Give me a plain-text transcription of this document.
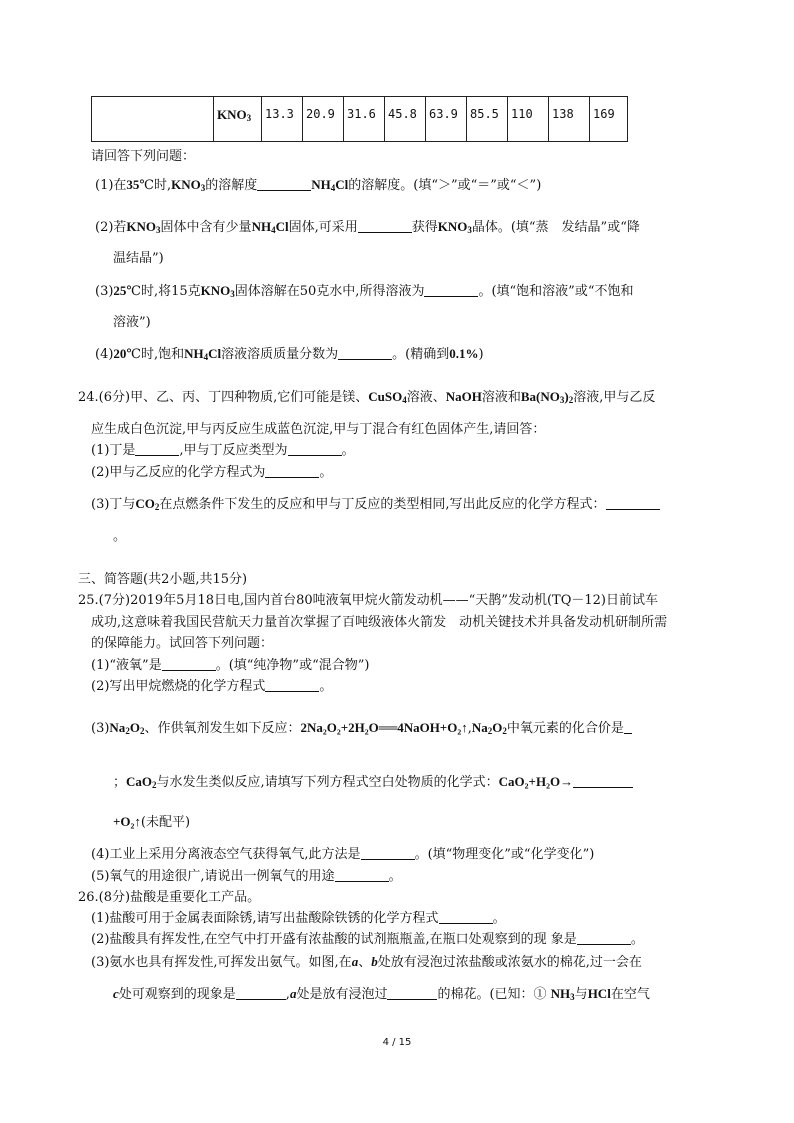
	$KNO_3$	13.3	20.9	31.6	45.8	63.9	85.5	110	138	169
请回答下列问题：
(1)在35℃时$,KNO_3$的溶解度	$NH_4Cl$的溶解度。(填“＞”或“＝”或“＜”)
(2)若$KNO_3$固体中含有少量$NH_4Cl$固体,可采用	获得$KNO_3$晶体。(填“蒸　发结晶”或“降
温结晶”)
(3)25℃时,将15克$KNO_3$固体溶解在50克水中,所得溶液为	。(填“饱和溶液”或“不饱和
溶液”)
(4)20℃时,饱和$NH_4Cl$溶液溶质质量分数为	。(精确到0.1%)
24.(6分)甲、乙、丙、丁四种物质,它们可能是镁、CuSO$_4$溶液、NaOH溶液和$Ba(NO_3)_2$溶液,甲与乙反
应生成白色沉淀,甲与丙反应生成蓝色沉淀,甲与丁混合有红色固体产生,请回答：
(1)丁是	,甲与丁反应类型为	。
(2)甲与乙反应的化学方程式为	。
(3)丁与$CO_2$在点燃条件下发生的反应和甲与丁反应的类型相同,写出此反应的化学方程式：
。
三、简答题(共2小题,共15分)
25.(7分)2019年5月18日电,国内首台80吨液氧甲烷火箭发动机——“天鹊”发动机(TQ－12)日前试车
成功,这意味着我国民营航天力量首次掌握了百吨级液体火箭发　动机关键技术并具备发动机研制所需
的保障能力。试回答下列问题：
(1)“液氧”是	。(填“纯净物”或“混合物”)
(2)写出甲烷燃烧的化学方程式	。
$(3)Na_2O_2$、作供氧剂发生如下反应：$2Na_2O_2+2H_2O══4NaOH+O_2↑,Na_2O_2$中氧元素的化合价是
；CaO$_2$与水发生类似反应,请填写下列方程式空白处物质的化学式：CaO₂+H₂O→
+O₂↑(未配平)
(4)工业上采用分离液态空气获得氧气,此方法是	。(填“物理变化”或“化学变化”)
(5)氧气的用途很广,请说出一例氧气的用途	。
26.(8分)盐酸是重要化工产品。
(1)盐酸可用于金属表面除锈,请写出盐酸除铁锈的化学方程式	。
(2)盐酸具有挥发性,在空气中打开盛有浓盐酸的试剂瓶瓶盖,在瓶口处观察到的现 象是	。
(3)氨水也具有挥发性,可挥发出氨气。如图,在a、b处放有浸泡过浓盐酸或浓氨水的棉花,过一会在
c处可观察到的现象是	,a处是放有浸泡过	的棉花。(已知：① $NH_3$与HCl在空气
4 / 15
